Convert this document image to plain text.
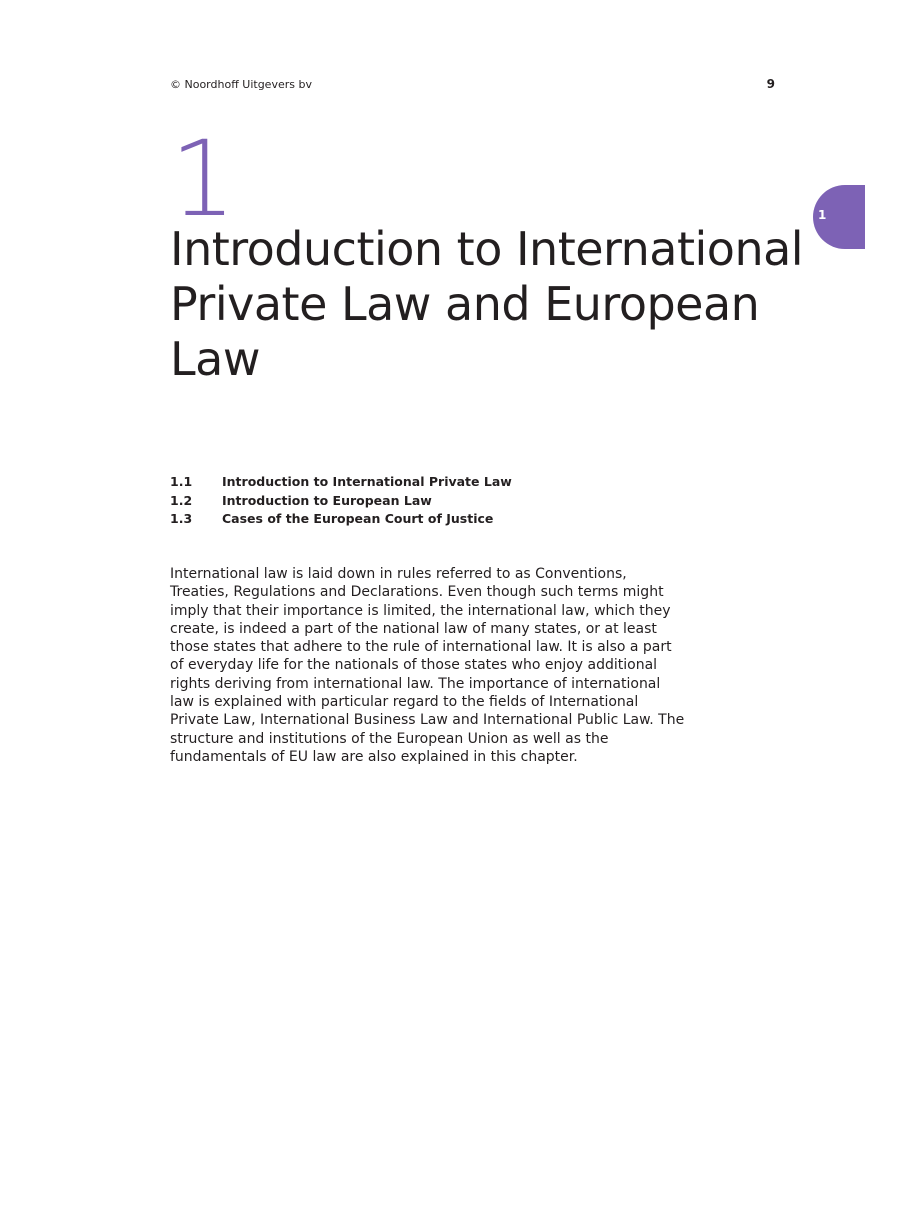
© Noordhoff Uitgevers bv	9
1	1
Introduction to International Private Law and European Law
1.1	Introduction to International Private Law
1.2	Introduction to European Law
1.3	Cases of the European Court of Justice

International law is laid down in rules referred to as Conventions, Treaties, Regulations and Declarations. Even though such terms might imply that their importance is limited, the international law, which they create, is indeed a part of the national law of many states, or at least those states that adhere to the rule of international law. It is also a part of everyday life for the nationals of those states who enjoy additional rights deriving from international law. The importance of international law is explained with particular regard to the fields of International Private Law, International Business Law and International Public Law. The structure and institutions of the European Union as well as the fundamentals of EU law are also explained in this chapter.
